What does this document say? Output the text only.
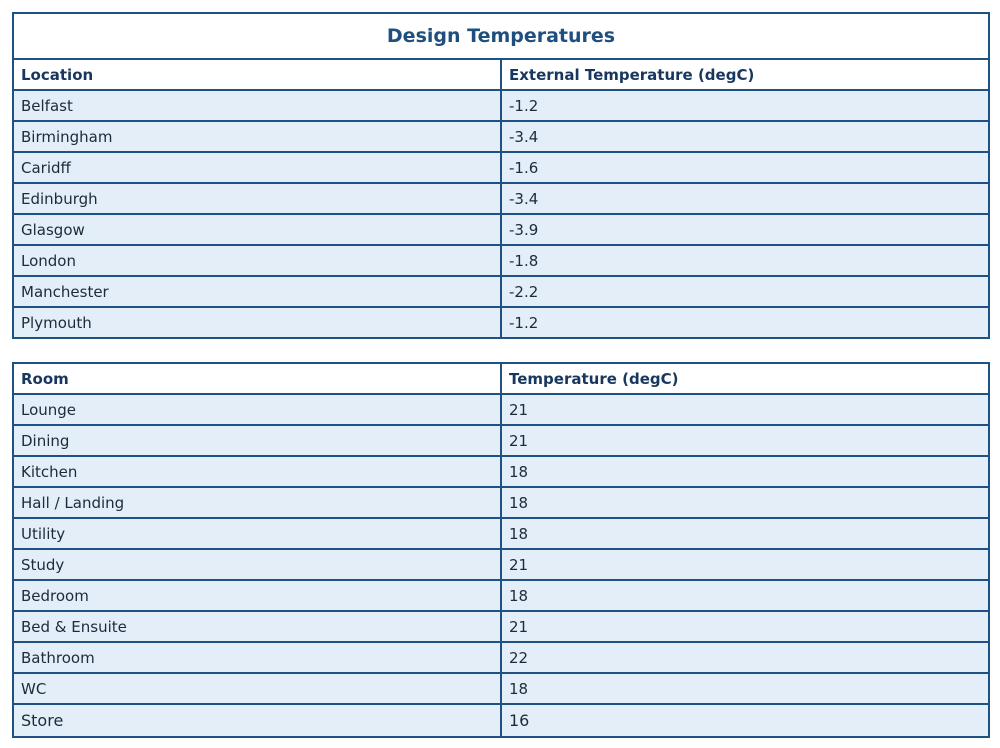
Design Temperatures	
Location	External Temperature (degC)
Belfast	-1.2
Birmingham	-3.4
Caridff	-1.6
Edinburgh	-3.4
Glasgow	-3.9
London	-1.8
Manchester	-2.2
Plymouth	-1.2
Room	Temperature (degC)
Lounge	21
Dining	21
Kitchen	18
Hall / Landing	18
Utility	18
Study	21
Bedroom	18
Bed & Ensuite	21
Bathroom	22
WC	18
Store	16
